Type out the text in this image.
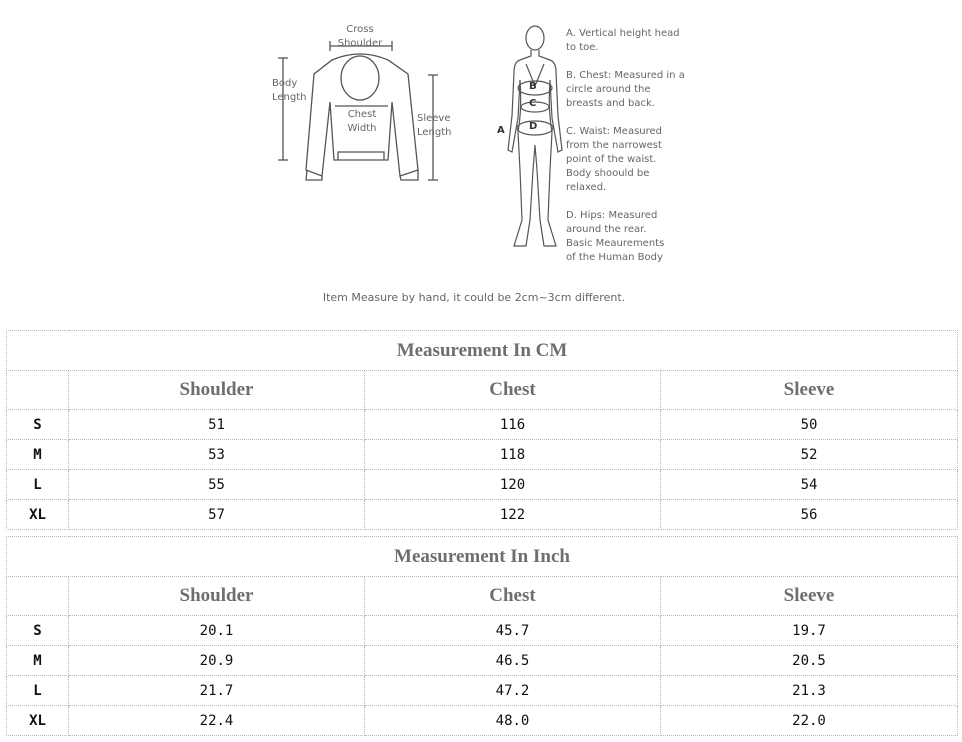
Cross
Shoulder
Body
Length
Chest
Width
Sleeve
Length	A
B
C
D
A. Vertical height head
to toe.
B. Chest: Measured in a
circle around the
breasts and back.
C. Waist: Measured
from the narrowest
point of the waist.
Body shoould be
relaxed.
D. Hips: Measured
around the rear.
Basic Meaurements
of the Human Body
Item Measure by hand, it could be 2cm~3cm different.
Measurement In CM			
	Shoulder	Chest	Sleeve
S	51	116	50
M	53	118	52
L	55	120	54
XL	57	122	56
Measurement In Inch			
	Shoulder	Chest	Sleeve
S	20.1	45.7	19.7
M	20.9	46.5	20.5
L	21.7	47.2	21.3
XL	22.4	48.0	22.0
